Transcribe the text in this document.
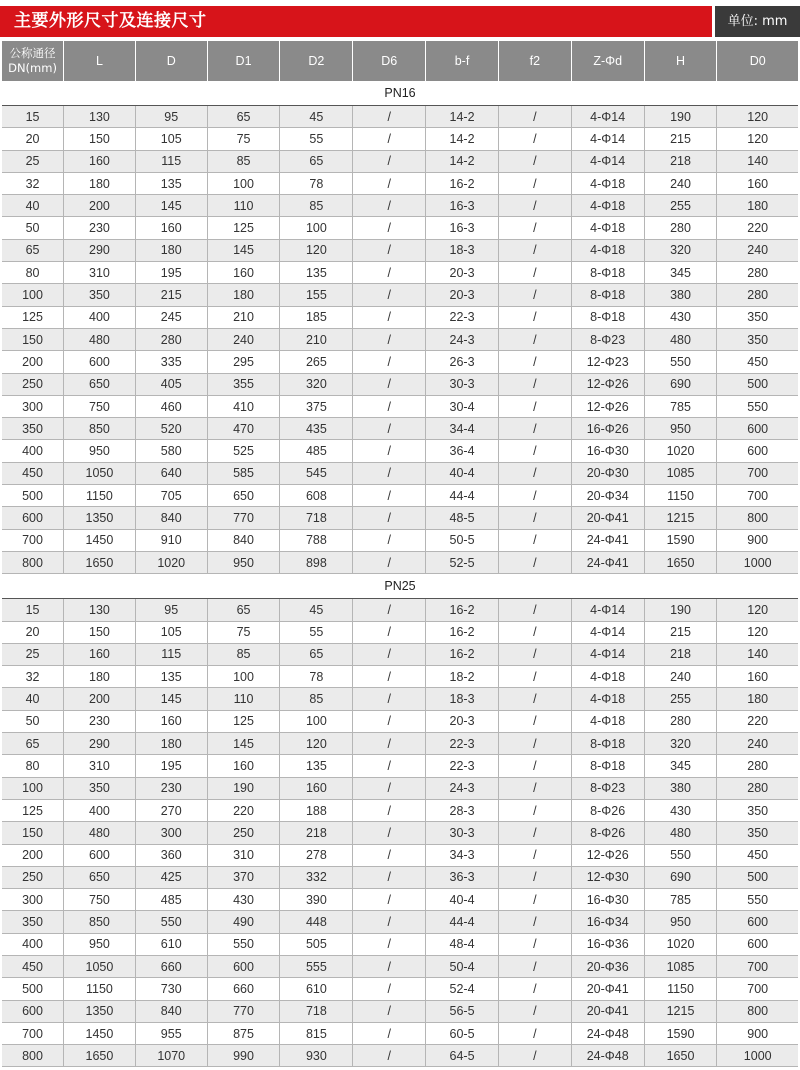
主要外形尺寸及连接尺寸	单位: mm
公称通径
DN(mm)	L	D	D1	D2	D6	b-f	f2	Z-Φd	H	D0
PN16										
15	130	95	65	45	/	14-2	/	4-Φ14	190	120
20	150	105	75	55	/	14-2	/	4-Φ14	215	120
25	160	115	85	65	/	14-2	/	4-Φ14	218	140
32	180	135	100	78	/	16-2	/	4-Φ18	240	160
40	200	145	110	85	/	16-3	/	4-Φ18	255	180
50	230	160	125	100	/	16-3	/	4-Φ18	280	220
65	290	180	145	120	/	18-3	/	4-Φ18	320	240
80	310	195	160	135	/	20-3	/	8-Φ18	345	280
100	350	215	180	155	/	20-3	/	8-Φ18	380	280
125	400	245	210	185	/	22-3	/	8-Φ18	430	350
150	480	280	240	210	/	24-3	/	8-Φ23	480	350
200	600	335	295	265	/	26-3	/	12-Φ23	550	450
250	650	405	355	320	/	30-3	/	12-Φ26	690	500
300	750	460	410	375	/	30-4	/	12-Φ26	785	550
350	850	520	470	435	/	34-4	/	16-Φ26	950	600
400	950	580	525	485	/	36-4	/	16-Φ30	1020	600
450	1050	640	585	545	/	40-4	/	20-Φ30	1085	700
500	1150	705	650	608	/	44-4	/	20-Φ34	1150	700
600	1350	840	770	718	/	48-5	/	20-Φ41	1215	800
700	1450	910	840	788	/	50-5	/	24-Φ41	1590	900
800	1650	1020	950	898	/	52-5	/	24-Φ41	1650	1000
PN25										
15	130	95	65	45	/	16-2	/	4-Φ14	190	120
20	150	105	75	55	/	16-2	/	4-Φ14	215	120
25	160	115	85	65	/	16-2	/	4-Φ14	218	140
32	180	135	100	78	/	18-2	/	4-Φ18	240	160
40	200	145	110	85	/	18-3	/	4-Φ18	255	180
50	230	160	125	100	/	20-3	/	4-Φ18	280	220
65	290	180	145	120	/	22-3	/	8-Φ18	320	240
80	310	195	160	135	/	22-3	/	8-Φ18	345	280
100	350	230	190	160	/	24-3	/	8-Φ23	380	280
125	400	270	220	188	/	28-3	/	8-Φ26	430	350
150	480	300	250	218	/	30-3	/	8-Φ26	480	350
200	600	360	310	278	/	34-3	/	12-Φ26	550	450
250	650	425	370	332	/	36-3	/	12-Φ30	690	500
300	750	485	430	390	/	40-4	/	16-Φ30	785	550
350	850	550	490	448	/	44-4	/	16-Φ34	950	600
400	950	610	550	505	/	48-4	/	16-Φ36	1020	600
450	1050	660	600	555	/	50-4	/	20-Φ36	1085	700
500	1150	730	660	610	/	52-4	/	20-Φ41	1150	700
600	1350	840	770	718	/	56-5	/	20-Φ41	1215	800
700	1450	955	875	815	/	60-5	/	24-Φ48	1590	900
800	1650	1070	990	930	/	64-5	/	24-Φ48	1650	1000
